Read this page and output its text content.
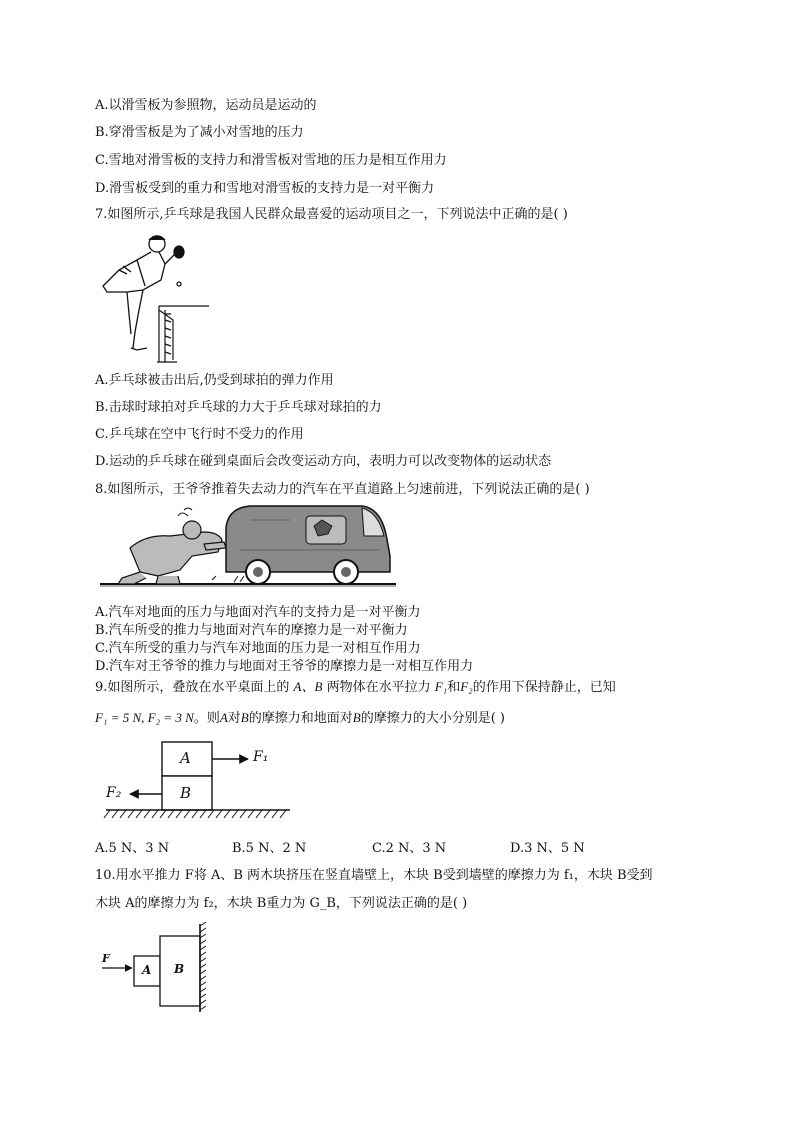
A.以滑雪板为参照物，运动员是运动的
B.穿滑雪板是为了减小对雪地的压力
C.雪地对滑雪板的支持力和滑雪板对雪地的压力是相互作用力
D.滑雪板受到的重力和雪地对滑雪板的支持力是一对平衡力
7.如图所示,乒乓球是我国人民群众最喜爱的运动项目之一，下列说法中正确的是( )
A.乒乓球被击出后,仍受到球拍的弹力作用
B.击球时球拍对乒乓球的力大于乒乓球对球拍的力
C.乒乓球在空中飞行时不受力的作用
D.运动的乒乓球在碰到桌面后会改变运动方向，表明力可以改变物体的运动状态
8.如图所示，王爷爷推着失去动力的汽车在平直道路上匀速前进，下列说法正确的是( )
A.汽车对地面的压力与地面对汽车的支持力是一对平衡力
B.汽车所受的推力与地面对汽车的摩擦力是一对平衡力
C.汽车所受的重力与汽车对地面的压力是一对相互作用力
D.汽车对王爷爷的推力与地面对王爷爷的摩擦力是一对相互作用力
9.如图所示，叠放在水平桌面上的 A、B 两物体在水平拉力 F₁和F₂的作用下保持静止，已知
F₁ = 5 N, F₂ = 3 N。则A对B的摩擦力和地面对B的摩擦力的大小分别是( )
A
B
F₁
F₂
A.5 N、3 N	B.5 N、2 N	C.2 N、3 N	D.3 N、5 N
10.用水平推力 F将 A、B 两木块挤压在竖直墙壁上，木块 B受到墙壁的摩擦力为 f₁，木块 B受到
木块 A的摩擦力为 f₂，木块 B重力为 G_B，下列说法正确的是( )
F
A B
